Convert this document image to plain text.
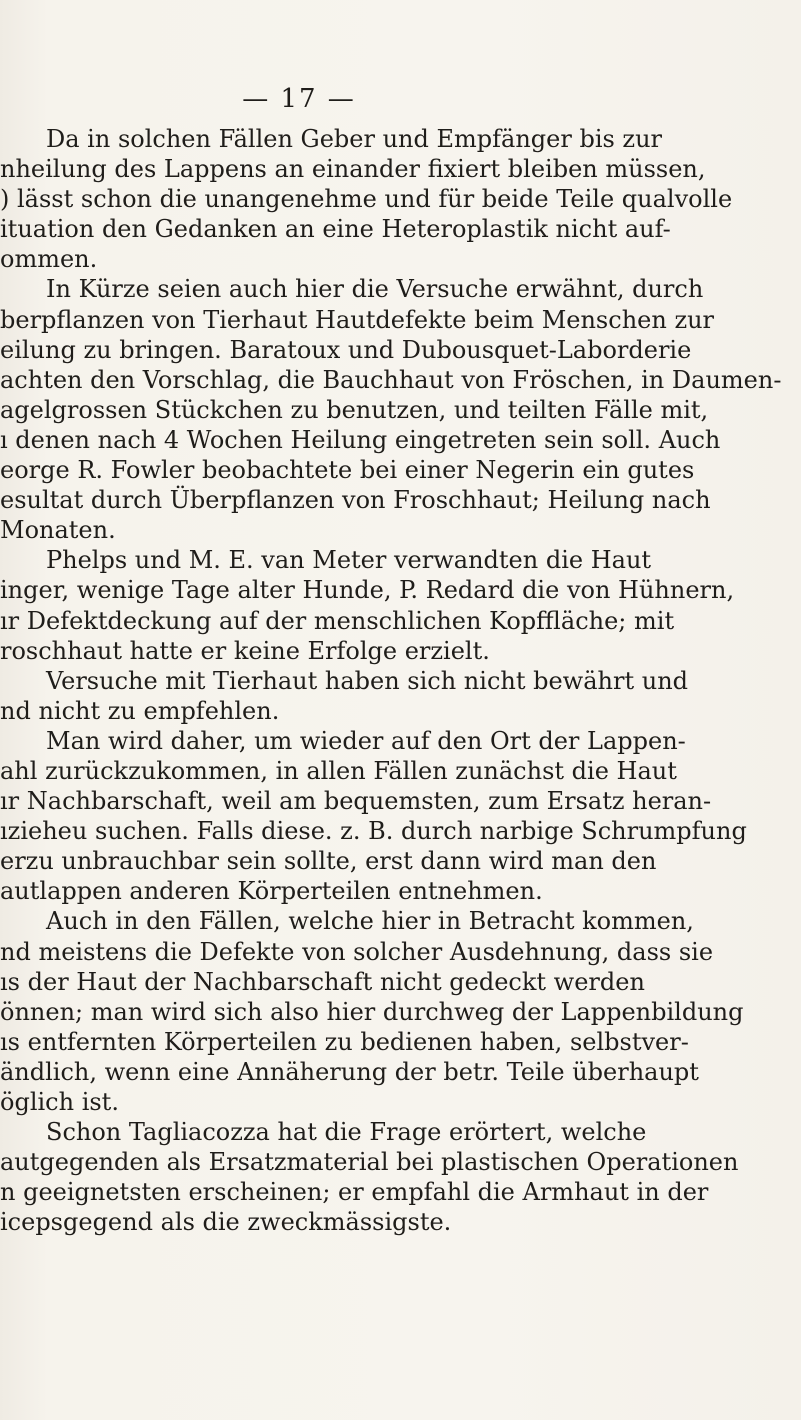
— 17 —
Da in solchen Fällen Geber und Empfänger bis zur
nheilung des Lappens an einander fixiert bleiben müssen,
) lässt schon die unangenehme und für beide Teile qualvolle
ituation den Gedanken an eine Heteroplastik nicht auf-
ommen.
In Kürze seien auch hier die Versuche erwähnt, durch
berpflanzen von Tierhaut Hautdefekte beim Menschen zur
eilung zu bringen. Baratoux und Dubousquet-Laborderie
achten den Vorschlag, die Bauchhaut von Fröschen, in Daumen-
agelgrossen Stückchen zu benutzen, und teilten Fälle mit,
ı denen nach 4 Wochen Heilung eingetreten sein soll. Auch
eorge R. Fowler beobachtete bei einer Negerin ein gutes
esultat durch Überpflanzen von Froschhaut; Heilung nach
Monaten.
Phelps und M. E. van Meter verwandten die Haut
inger, wenige Tage alter Hunde, P. Redard die von Hühnern,
ır Defektdeckung auf der menschlichen Kopffläche; mit
roschhaut hatte er keine Erfolge erzielt.
Versuche mit Tierhaut haben sich nicht bewährt und
nd nicht zu empfehlen.
Man wird daher, um wieder auf den Ort der Lappen-
ahl zurückzukommen, in allen Fällen zunächst die Haut
ır Nachbarschaft, weil am bequemsten, zum Ersatz heran-
ızieheu suchen. Falls diese. z. B. durch narbige Schrumpfung
erzu unbrauchbar sein sollte, erst dann wird man den
autlappen anderen Körperteilen entnehmen.
Auch in den Fällen, welche hier in Betracht kommen,
nd meistens die Defekte von solcher Ausdehnung, dass sie
ıs der Haut der Nachbarschaft nicht gedeckt werden
önnen; man wird sich also hier durchweg der Lappenbildung
ıs entfernten Körperteilen zu bedienen haben, selbstver-
ändlich, wenn eine Annäherung der betr. Teile überhaupt
öglich ist.
Schon Tagliacozza hat die Frage erörtert, welche
autgegenden als Ersatzmaterial bei plastischen Operationen
n geeignetsten erscheinen; er empfahl die Armhaut in der
icepsgegend als die zweckmässigste.
